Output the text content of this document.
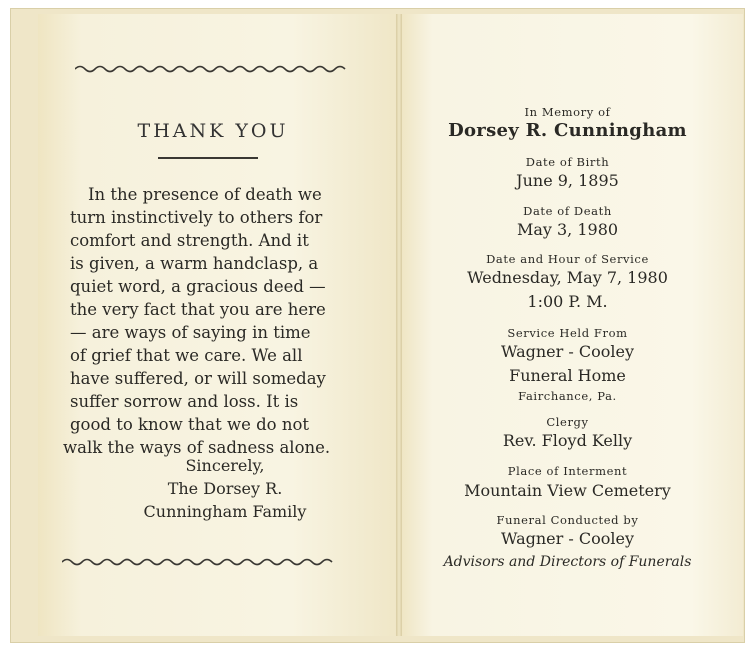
THANK YOU
In the presence of death we
turn instinctively to others for
comfort and strength. And it
is given, a warm handclasp, a
quiet word, a gracious deed —
the very fact that you are here
— are ways of saying in time
of grief that we care. We all
have suffered, or will someday
suffer sorrow and loss. It is
good to know that we do not
walk the ways of sadness alone.
Sincerely,
The Dorsey R.
Cunningham Family
In Memory of
Dorsey R. Cunningham
Date of Birth
June 9, 1895
Date of Death
May 3, 1980
Date and Hour of Service
Wednesday, May 7, 1980
1:00 P. M.
Service Held From
Wagner - Cooley
Funeral Home
Fairchance, Pa.
Clergy
Rev. Floyd Kelly
Place of Interment
Mountain View Cemetery
Funeral Conducted by
Wagner - Cooley
Advisors and Directors of Funerals
